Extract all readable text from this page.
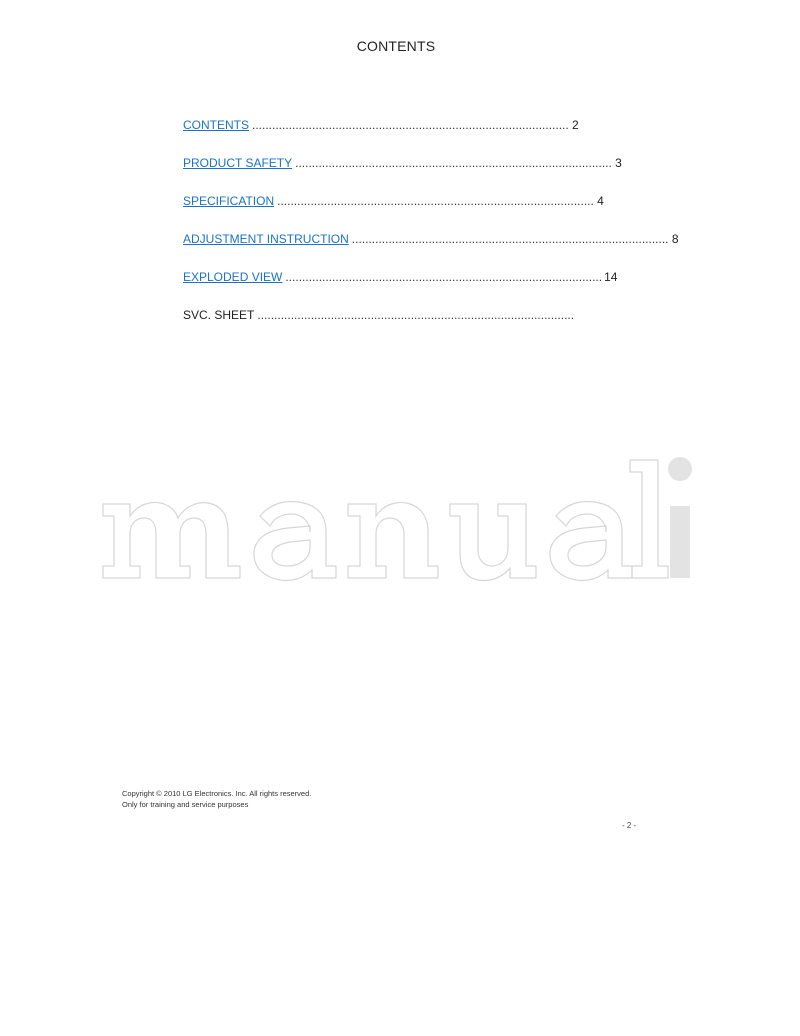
CONTENTS
CONTENTS ............................................................................................... 2
PRODUCT SAFETY ............................................................................................... 3
SPECIFICATION ............................................................................................... 4
ADJUSTMENT INSTRUCTION ............................................................................................... 8
EXPLODED VIEW ............................................................................................... 14
SVC. SHEET ...............................................................................................
Copyright © 2010 LG Electronics. Inc. All rights reserved.
Only for training and service purposes
- 2 -
